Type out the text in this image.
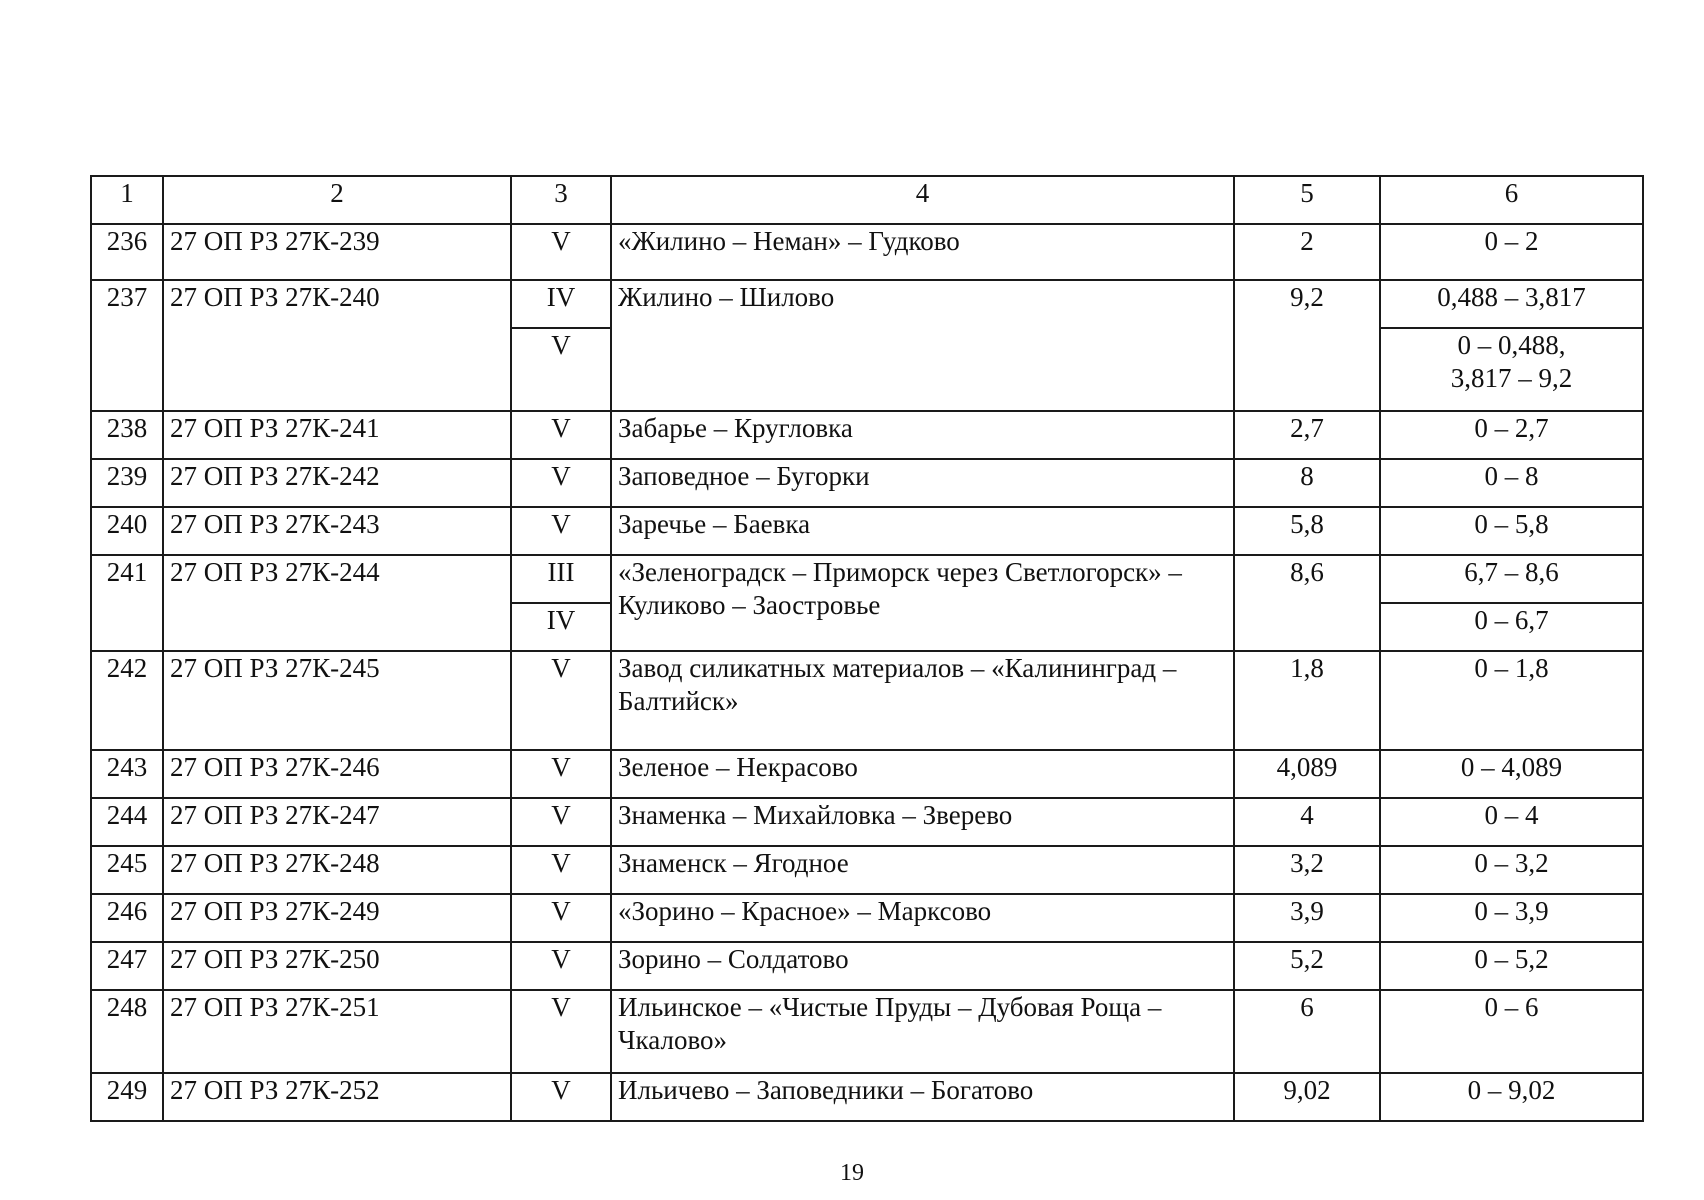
1	2	3	4	5	6
236	27 ОП РЗ 27К-239	V	«Жилино – Неман» – Гудково	2	0 – 2
237	27 ОП РЗ 27К-240	IV	Жилино – Шилово	9,2	0,488 – 3,817
		V			0 – 0,488,
3,817 – 9,2

238	27 ОП РЗ 27К-241	V	Забарье – Кругловка	2,7	0 – 2,7
239	27 ОП РЗ 27К-242	V	Заповедное – Бугорки	8	0 – 8
240	27 ОП РЗ 27К-243	V	Заречье – Баевка	5,8	0 – 5,8
241	27 ОП РЗ 27К-244	III	«Зеленоградск – Приморск через Светлогорск» – Куликово – Заостровье	8,6	6,7 – 8,6
		IV			0 – 6,7
242	27 ОП РЗ 27К-245	V	Завод силикатных материалов – «Калининград – Балтийск»	1,8	0 – 1,8
243	27 ОП РЗ 27К-246	V	Зеленое – Некрасово	4,089	0 – 4,089
244	27 ОП РЗ 27К-247	V	Знаменка – Михайловка – Зверево	4	0 – 4
245	27 ОП РЗ 27К-248	V	Знаменск – Ягодное	3,2	0 – 3,2
246	27 ОП РЗ 27К-249	V	«Зорино – Красное» – Марксово	3,9	0 – 3,9
247	27 ОП РЗ 27К-250	V	Зорино – Солдатово	5,2	0 – 5,2
248	27 ОП РЗ 27К-251	V	Ильинское – «Чистые Пруды – Дубовая Роща – Чкалово»	6	0 – 6
249	27 ОП РЗ 27К-252	V	Ильичево – Заповедники – Богатово	9,02	0 – 9,02
19
